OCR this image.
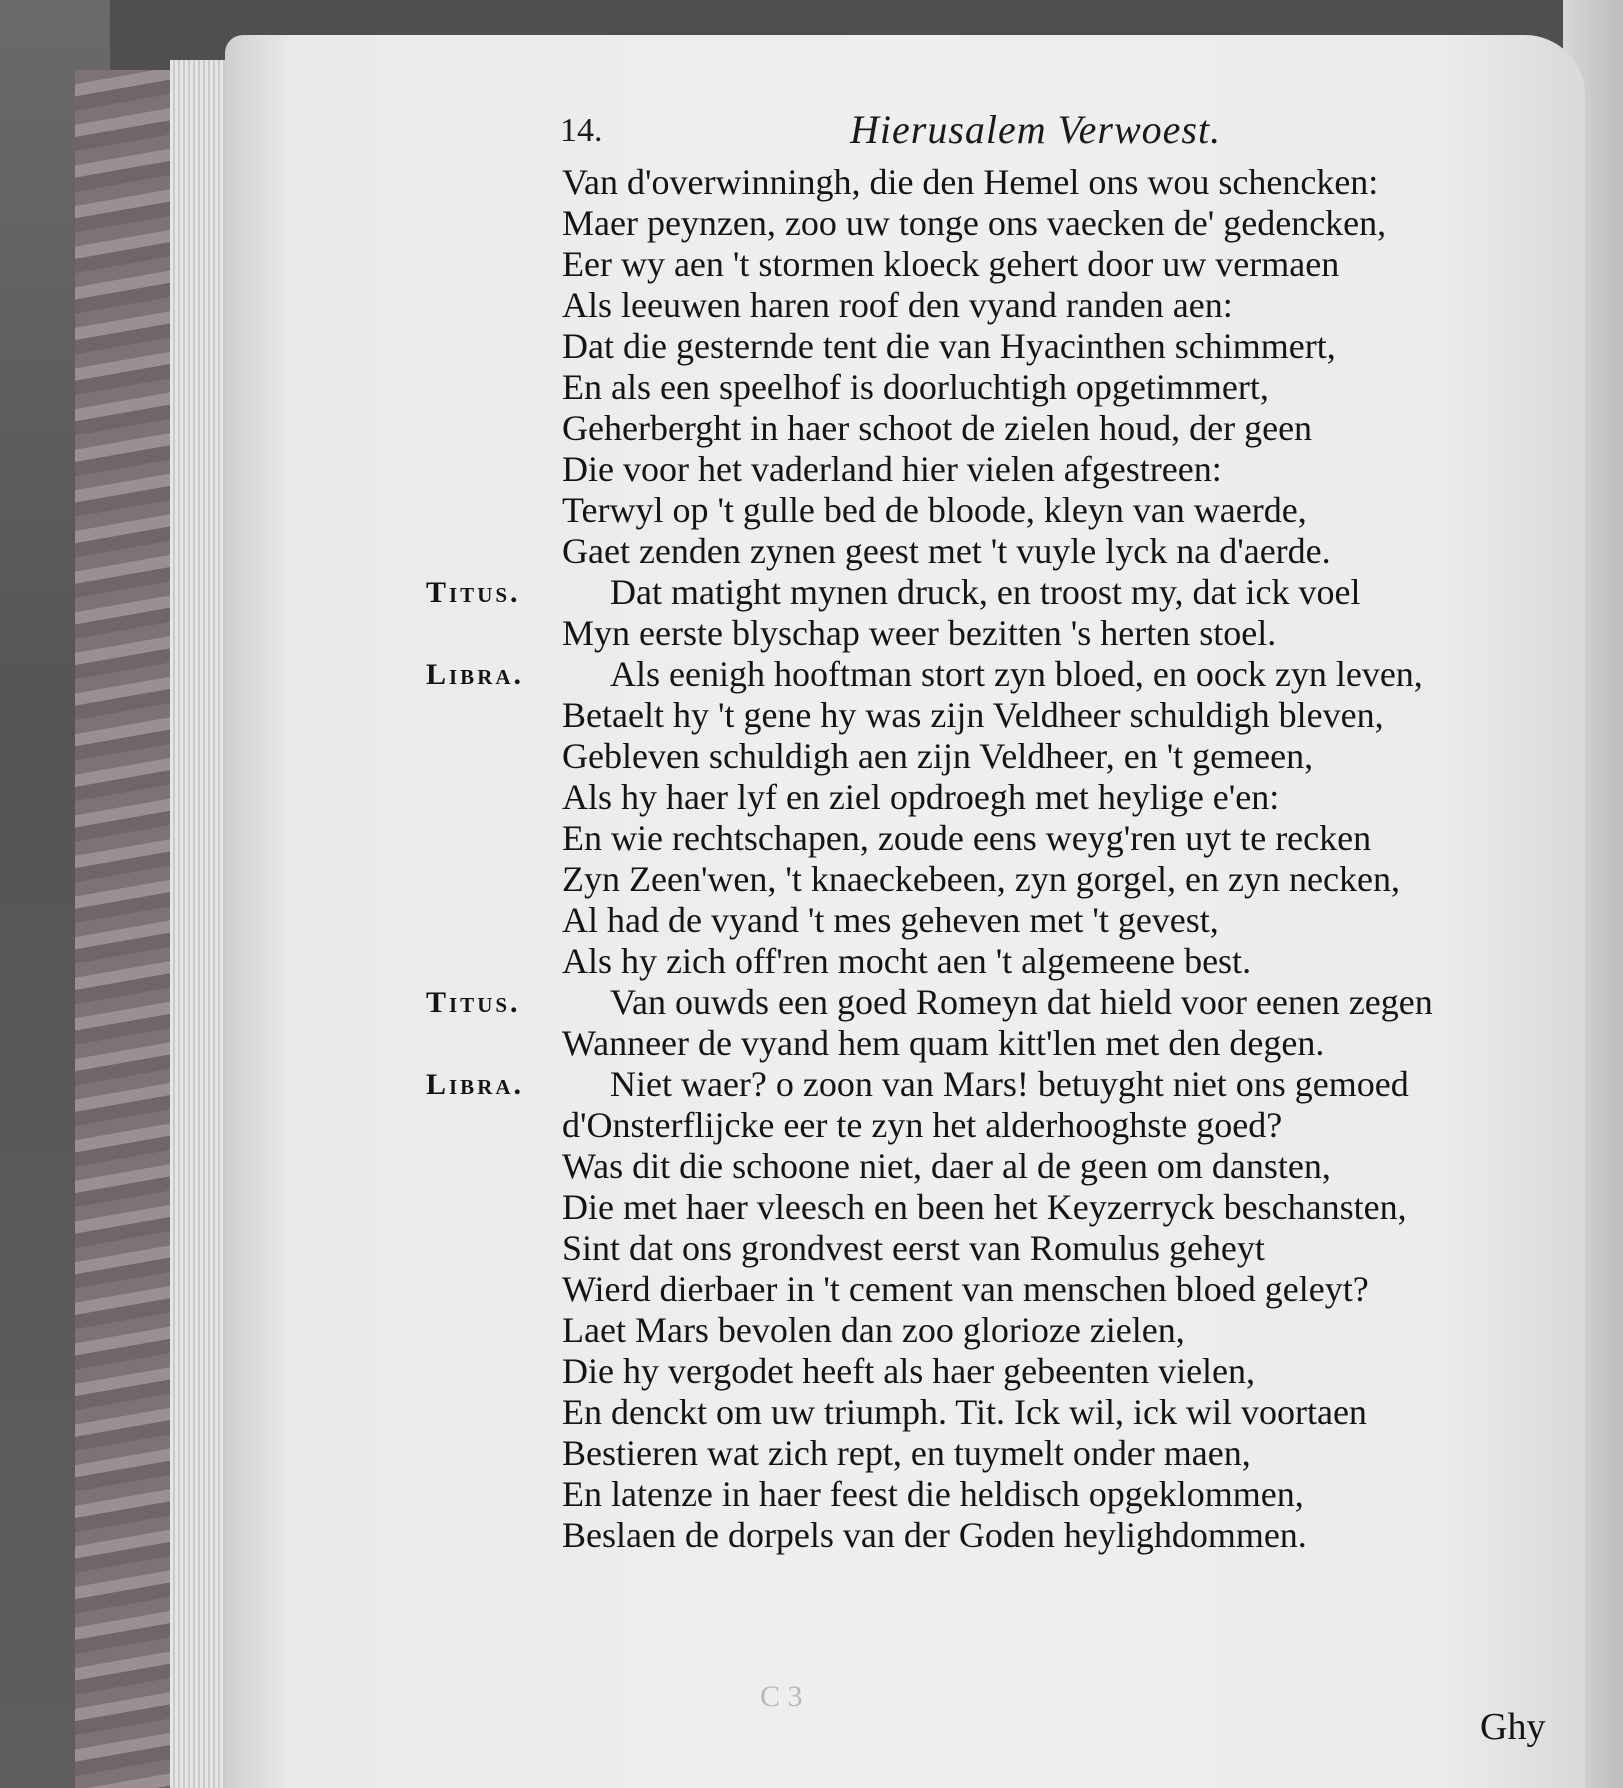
14.	Hierusalem Verwoest.
Van d'overwinningh, die den Hemel ons wou schencken:
Maer peynzen, zoo uw tonge ons vaecken de' gedencken,
Eer wy aen 't stormen kloeck gehert door uw vermaen
Als leeuwen haren roof den vyand randen aen:
Dat die gesternde tent die van Hyacinthen schimmert,
En als een speelhof is doorluchtigh opgetimmert,
Geherberght in haer schoot de zielen houd, der geen
Die voor het vaderland hier vielen afgestreen:
Terwyl op 't gulle bed de bloode, kleyn van waerde,
Gaet zenden zynen geest met 't vuyle lyck na d'aerde.
Titus. Dat matight mynen druck, en troost my, dat ick voel
Myn eerste blyschap weer bezitten 's herten stoel.
Libra. Als eenigh hooftman stort zyn bloed, en oock zyn leven,
Betaelt hy 't gene hy was zijn Veldheer schuldigh bleven,
Gebleven schuldigh aen zijn Veldheer, en 't gemeen,
Als hy haer lyf en ziel opdroegh met heylige e'en:
En wie rechtschapen, zoude eens weyg'ren uyt te recken
Zyn Zeen'wen, 't knaeckebeen, zyn gorgel, en zyn necken,
Al had de vyand 't mes geheven met 't gevest,
Als hy zich off'ren mocht aen 't algemeene best.
Titus. Van ouwds een goed Romeyn dat hield voor eenen zegen
Wanneer de vyand hem quam kitt'len met den degen.
Libra. Niet waer? o zoon van Mars! betuyght niet ons gemoed
d'Onsterflijcke eer te zyn het alderhooghste goed?
Was dit die schoone niet, daer al de geen om dansten,
Die met haer vleesch en been het Keyzerryck beschansten,
Sint dat ons grondvest eerst van Romulus geheyt
Wierd dierbaer in 't cement van menschen bloed geleyt?
Laet Mars bevolen dan zoo glorioze zielen,
Die hy vergodet heeft als haer gebeenten vielen,
En denckt om uw triumph. Tit. Ick wil, ick wil voortaen
Bestieren wat zich rept, en tuymelt onder maen,
En latenze in haer feest die heldisch opgeklommen,
Beslaen de dorpels van der Goden heylighdommen.
C 3
Ghy
